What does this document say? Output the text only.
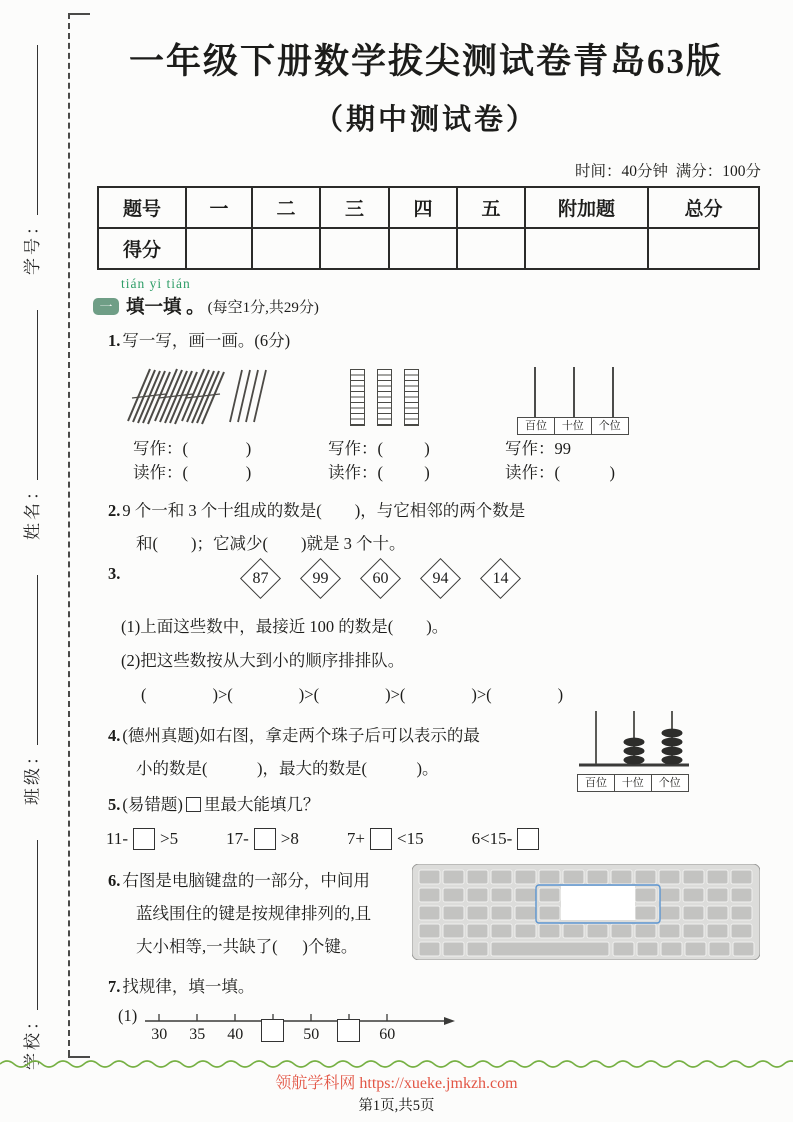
学号：
姓名：
班级：
学校：
一年级下册数学拔尖测试卷青岛63版
（期中测试卷）
时间：40分钟  满分：100分
题号	一	二	三	四	五	附加题	总分
得分							
tián yi tián
一 填一填 。 (每空1分,共29分)
1. 写一写，画一画。(6分)
百位	十位	个位
写作：(              )
读作：(              )
写作：(          )
读作：(          )
写作：99
读作：(            )
2. 9 个一和 3 个十组成的数是(        )，与它相邻的两个数是
和(        )；它减少(        )就是 3 个十。
3.	87	99	60	94	14
(1)上面这些数中，最接近 100 的数是(        )。
(2)把这些数按从大到小的顺序排排队。
(                )>(                )>(                )>(                )>(                )
4. (德州真题)如右图，拿走两个珠子后可以表示的最
小的数是(            )，最大的数是(            )。
百位	十位	个位
5. (易错题) 里最大能填几？
11- >5	17- >8	7+ <15	6<15-
6. 右图是电脑键盘的一部分，中间用
蓝线围住的键是按规律排列的,且
大小相等,一共缺了(      )个键。
7. 找规律，填一填。
(1)
30	35	40	50	60
领航学科网 https://xueke.jmkzh.com
第1页,共5页
